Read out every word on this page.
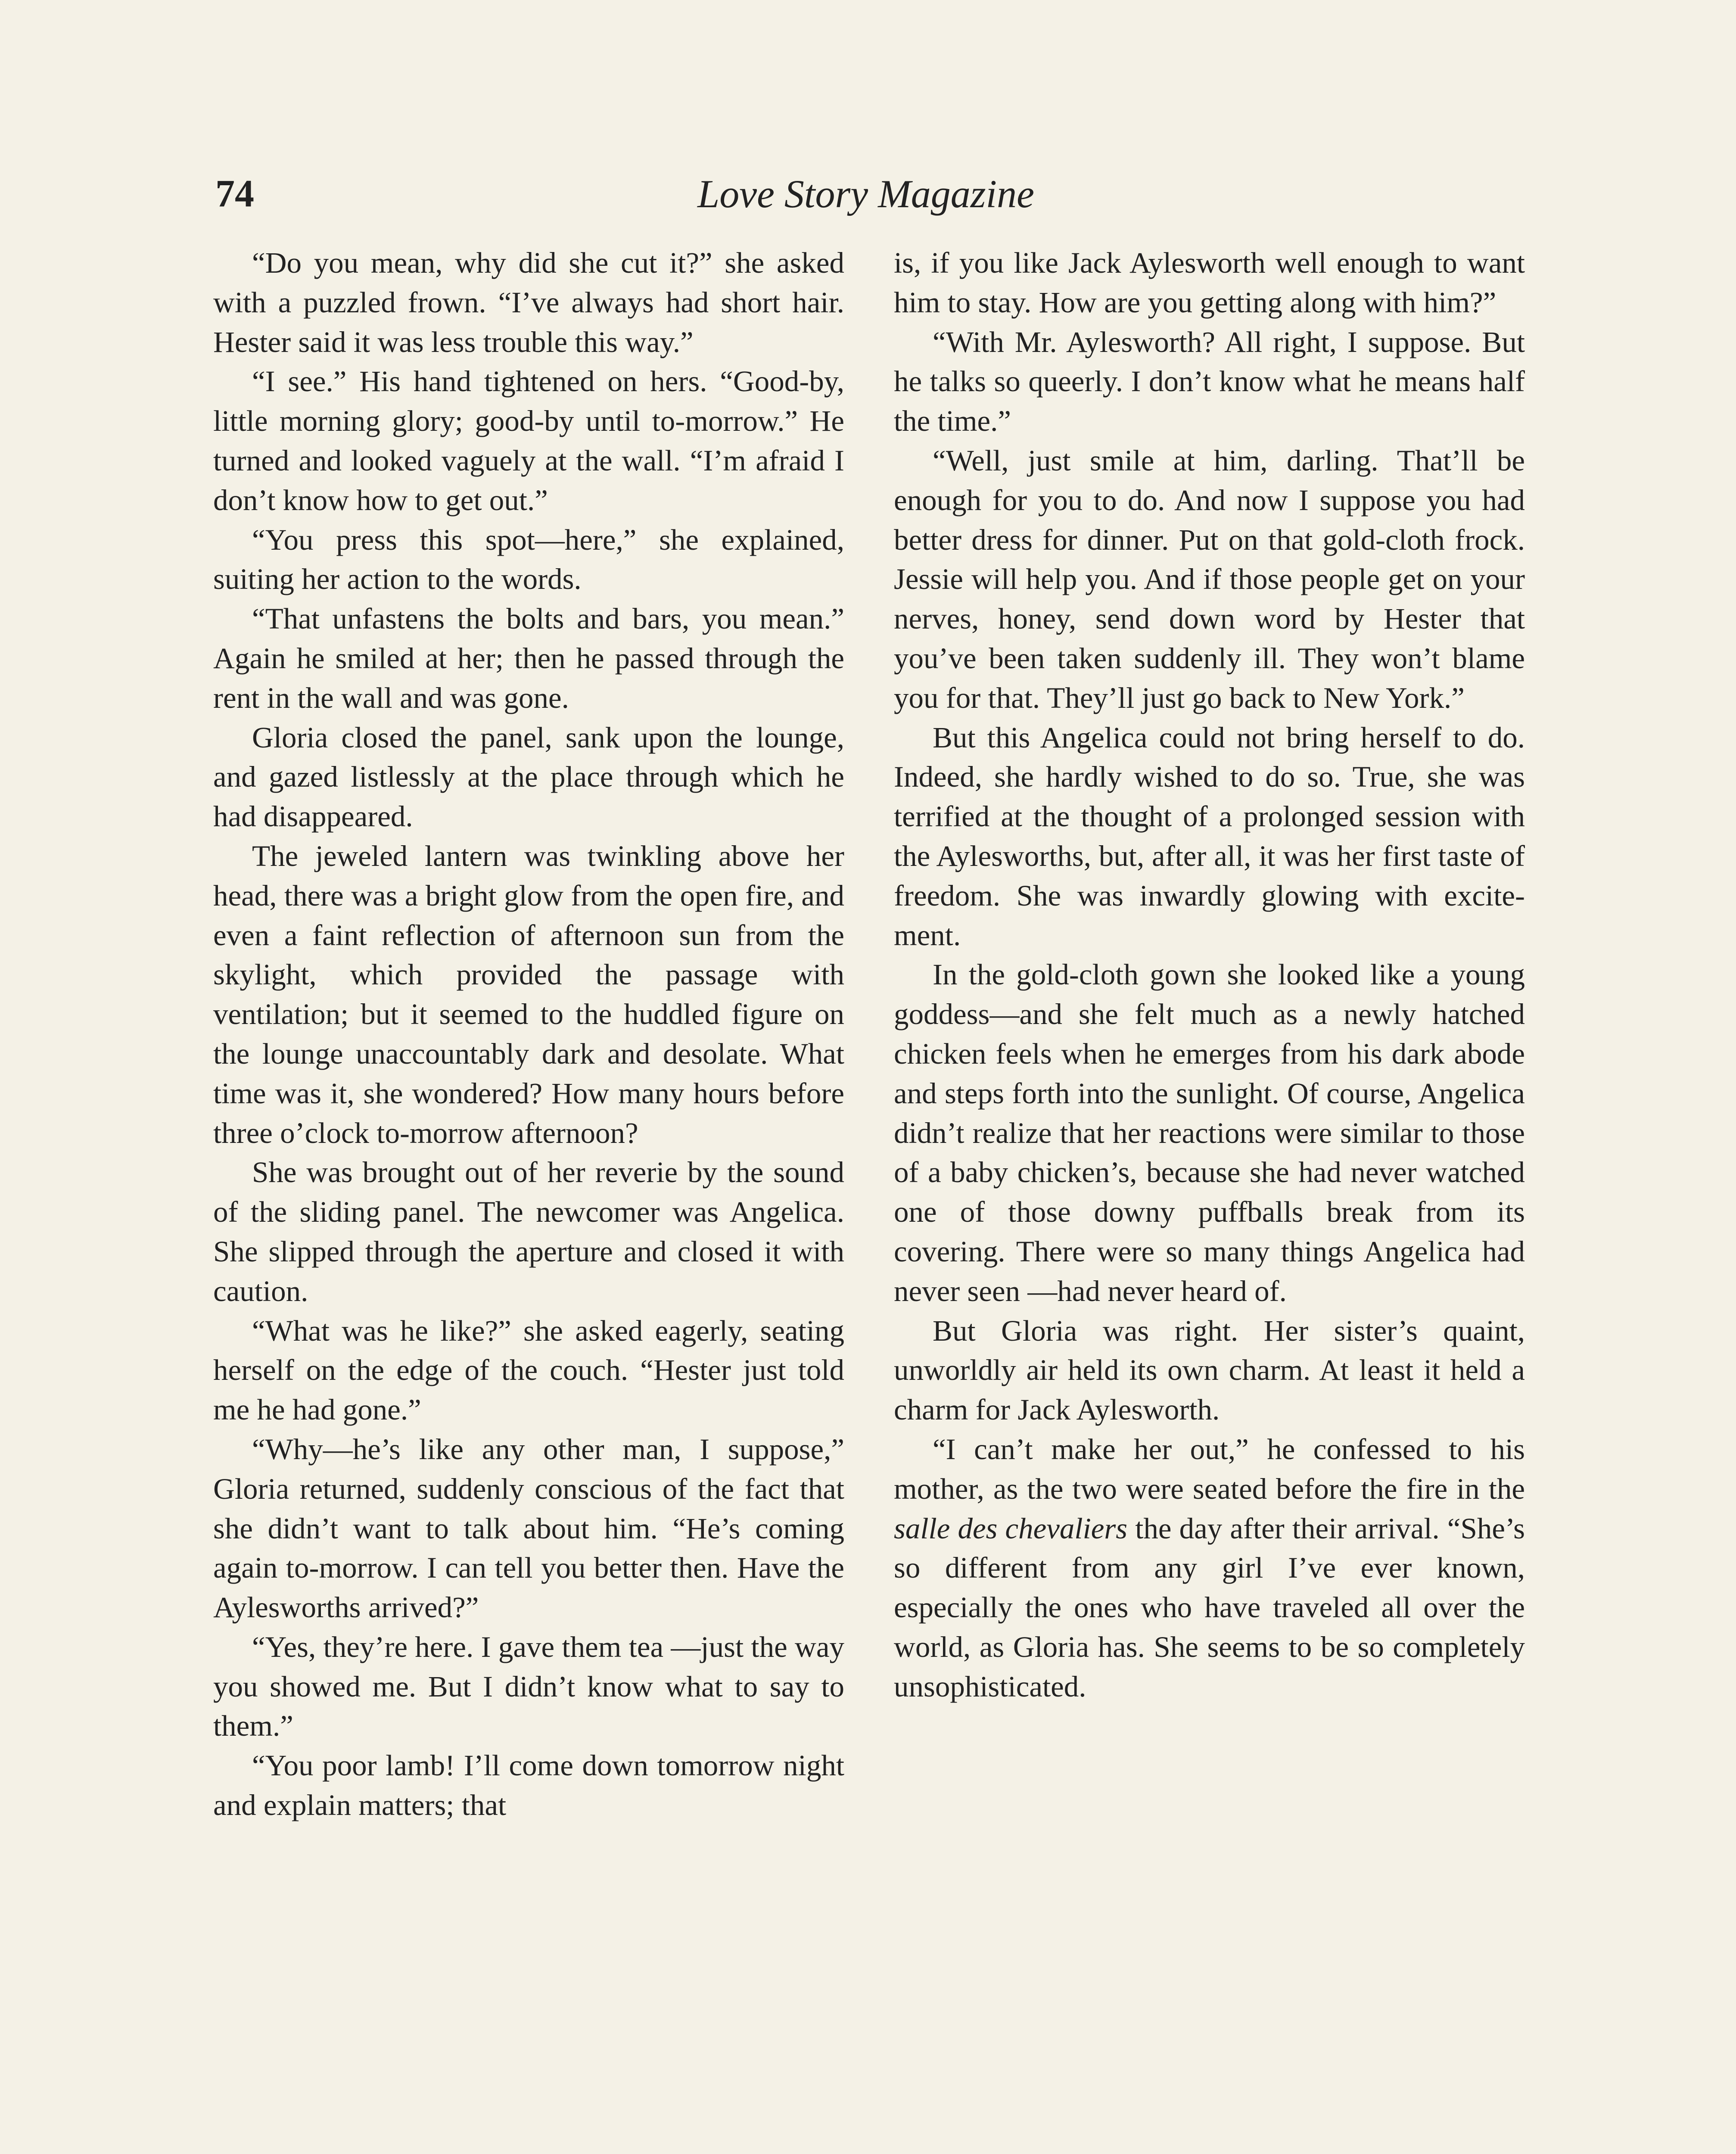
74	Love Story Magazine

“Do you mean, why did she cut it?” she asked with a puzzled frown. “I’ve always had short hair. Hester said it was less trouble this way.”

“I see.” His hand tightened on hers. “Good-by, little morning glory; good-by until to-morrow.” He turned and looked vaguely at the wall. “I’m afraid I don’t know how to get out.”

“You press this spot—here,” she explained, suiting her action to the words.

“That unfastens the bolts and bars, you mean.” Again he smiled at her; then he passed through the rent in the wall and was gone.

Gloria closed the panel, sank upon the lounge, and gazed listlessly at the place through which he had disappeared.

The jeweled lantern was twinkling above her head, there was a bright glow from the open fire, and even a faint reflection of afternoon sun from the skylight, which provided the passage with ventilation; but it seemed to the huddled figure on the lounge unaccountably dark and desolate. What time was it, she wondered? How many hours before three o’clock to-morrow afternoon?

She was brought out of her reverie by the sound of the sliding panel. The newcomer was Angelica. She slipped through the aperture and closed it with caution.

“What was he like?” she asked eagerly, seating herself on the edge of the couch. “Hester just told me he had gone.”

“Why—he’s like any other man, I suppose,” Gloria returned, suddenly conscious of the fact that she didn’t want to talk about him. “He’s coming again to-morrow. I can tell you better then. Have the Aylesworths arrived?”

“Yes, they’re here. I gave them tea —just the way you showed me. But I didn’t know what to say to them.”

“You poor lamb! I’ll come down tomorrow night and explain matters; that

is, if you like Jack Aylesworth well enough to want him to stay. How are you getting along with him?”

“With Mr. Aylesworth? All right, I suppose. But he talks so queerly. I don’t know what he means half the time.”

“Well, just smile at him, darling. That’ll be enough for you to do. And now I suppose you had better dress for dinner. Put on that gold-cloth frock. Jessie will help you. And if those people get on your nerves, honey, send down word by Hester that you’ve been taken suddenly ill. They won’t blame you for that. They’ll just go back to New York.”

But this Angelica could not bring herself to do. Indeed, she hardly wished to do so. True, she was terrified at the thought of a prolonged session with the Aylesworths, but, after all, it was her first taste of freedom. She was inwardly glowing with excitement.

In the gold-cloth gown she looked like a young goddess—and she felt much as a newly hatched chicken feels when he emerges from his dark abode and steps forth into the sunlight. Of course, Angelica didn’t realize that her reactions were similar to those of a baby chicken’s, because she had never watched one of those downy puffballs break from its covering. There were so many things Angelica had never seen —had never heard of.

But Gloria was right. Her sister’s quaint, unworldly air held its own charm. At least it held a charm for Jack Aylesworth.

“I can’t make her out,” he confessed to his mother, as the two were seated before the fire in the salle des chevaliers the day after their arrival. “She’s so different from any girl I’ve ever known, especially the ones who have traveled all over the world, as Gloria has. She seems to be so completely unsophisticated.
